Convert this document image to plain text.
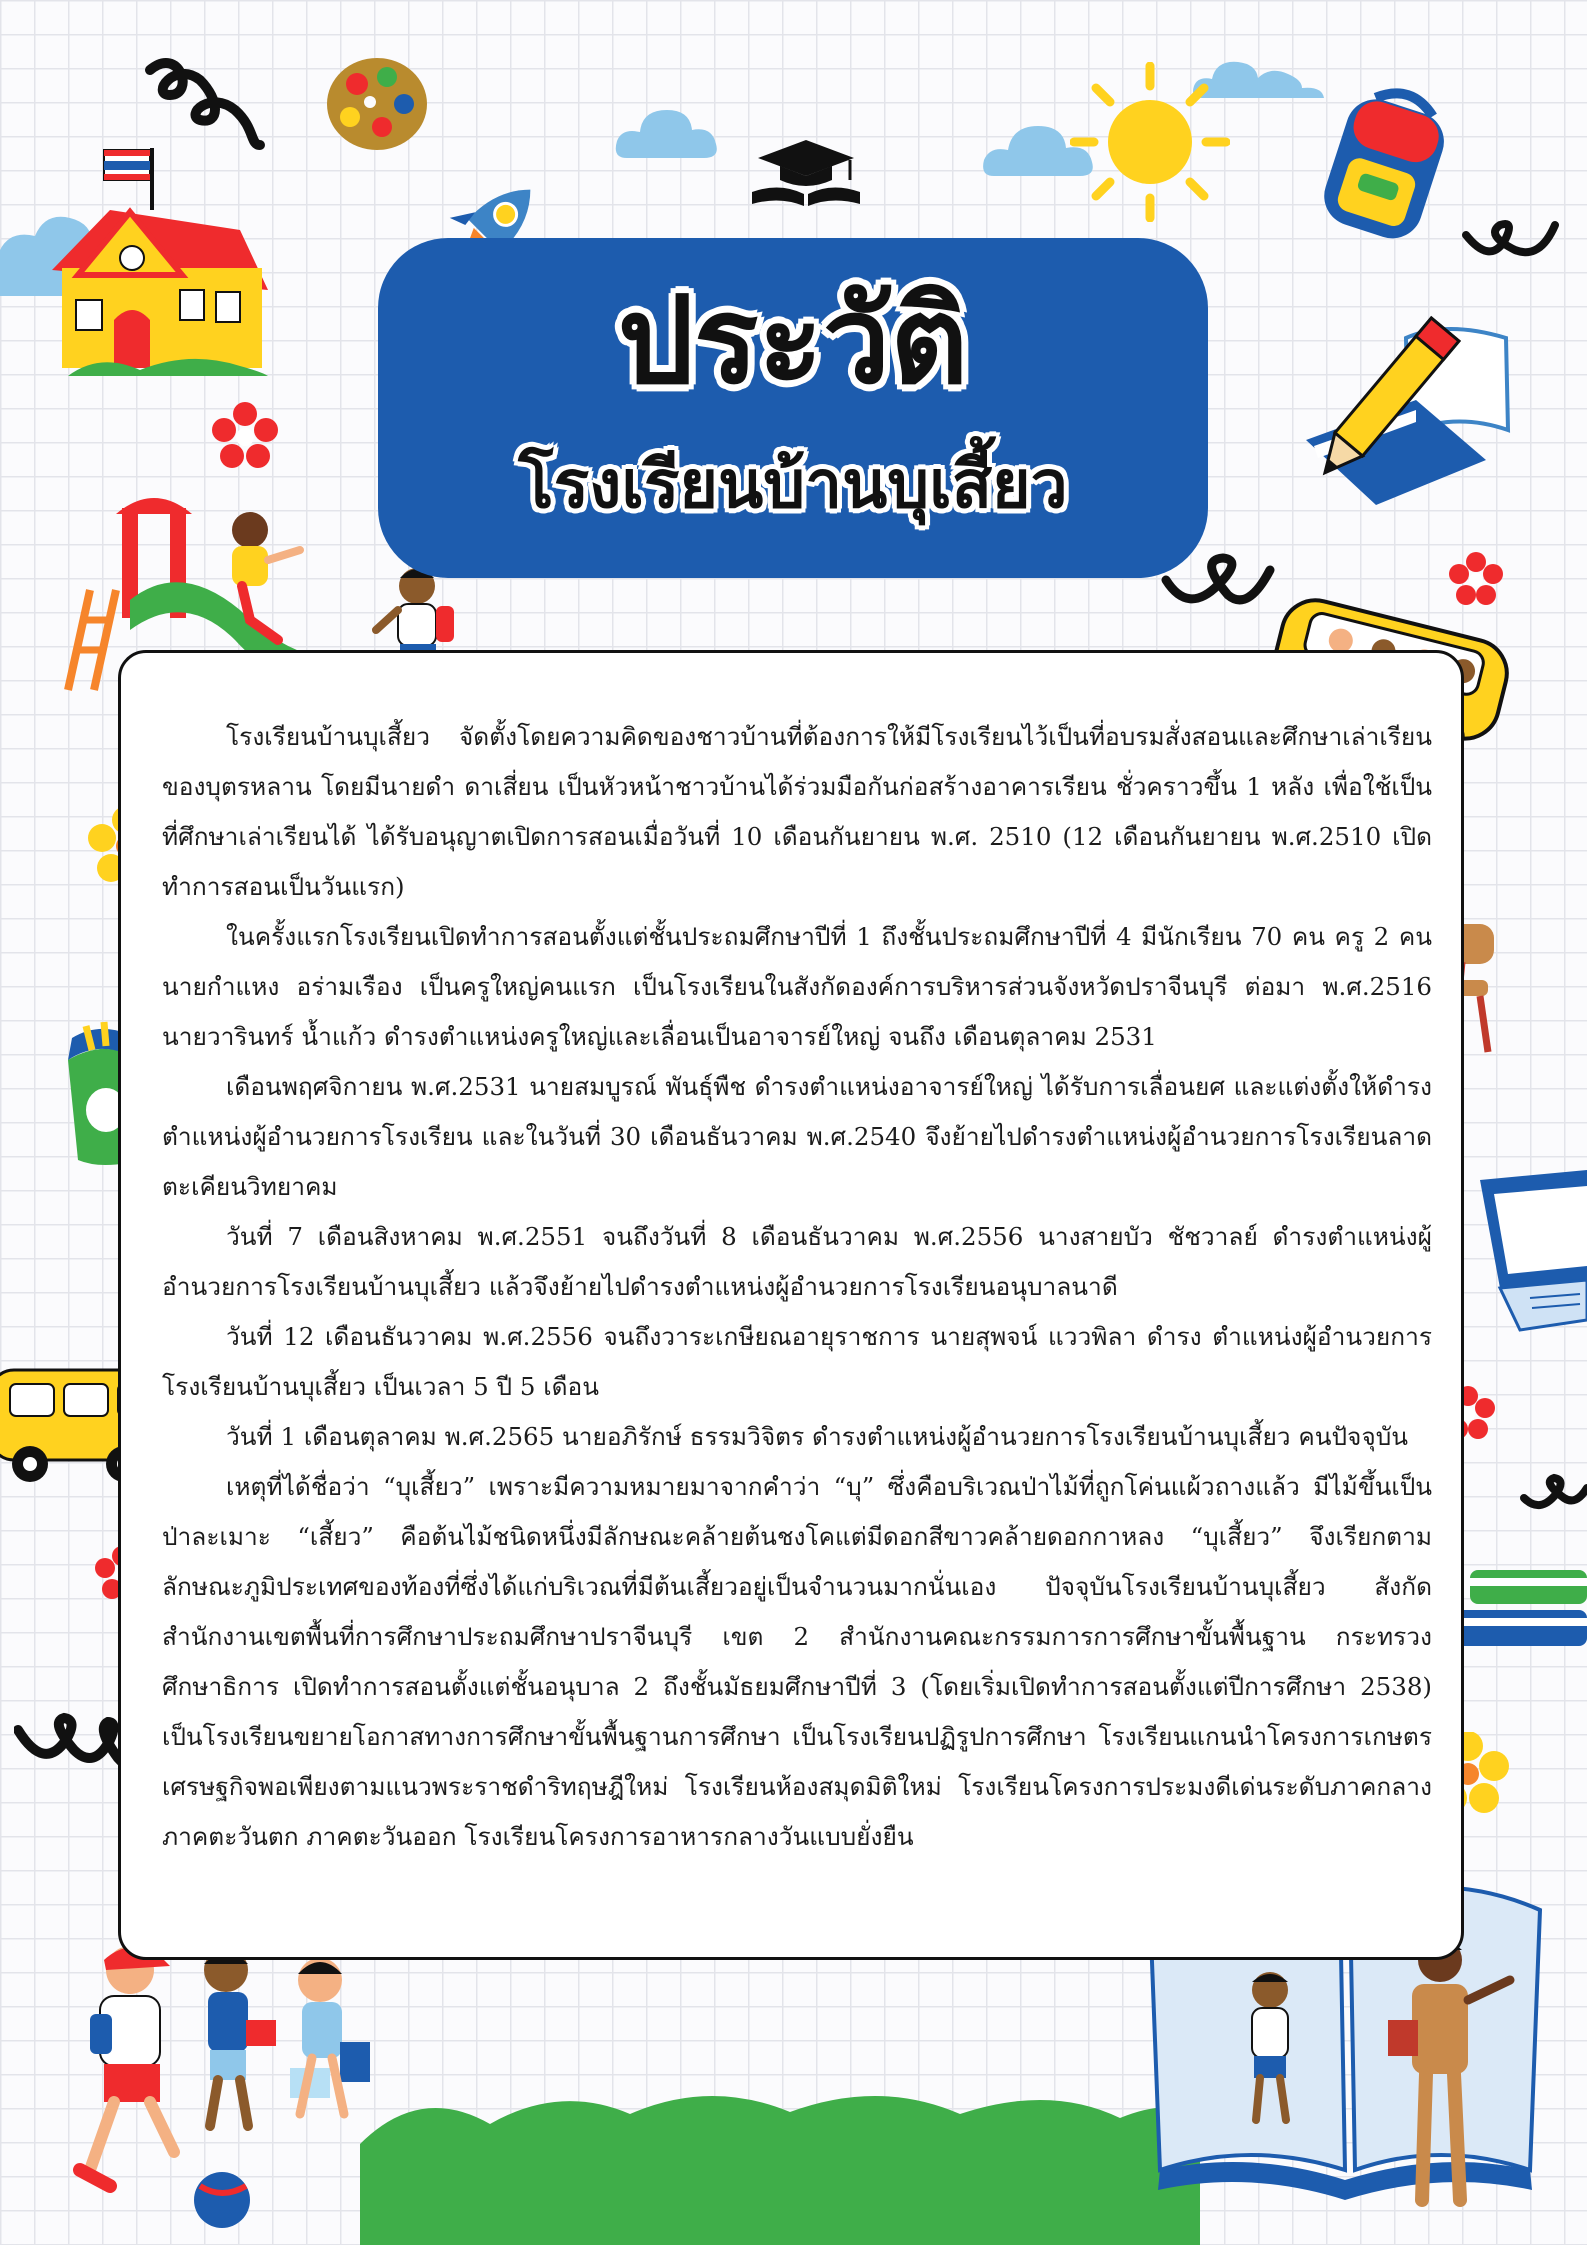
ประวัติ
โรงเรียนบ้านบุเสี้ยว

โรงเรียนบ้านบุเสี้ยว จัดตั้งโดยความคิดของชาวบ้านที่ต้องการให้มีโรงเรียนไว้เป็นที่อบรมสั่งสอนและศึกษาเล่าเรียนของบุตรหลาน โดยมีนายดำ ดาเสี่ยน เป็นหัวหน้าชาวบ้านได้ร่วมมือกันก่อสร้างอาคารเรียน ชั่วคราวขึ้น 1 หลัง เพื่อใช้เป็นที่ศึกษาเล่าเรียนได้ ได้รับอนุญาตเปิดการสอนเมื่อวันที่ 10 เดือนกันยายน พ.ศ. 2510 (12 เดือนกันยายน พ.ศ.2510 เปิดทำการสอนเป็นวันแรก)

ในครั้งแรกโรงเรียนเปิดทำการสอนตั้งแต่ชั้นประถมศึกษาปีที่ 1 ถึงชั้นประถมศึกษาปีที่ 4 มีนักเรียน 70 คน ครู 2 คน นายกำแหง อร่ามเรือง เป็นครูใหญ่คนแรก เป็นโรงเรียนในสังกัดองค์การบริหารส่วนจังหวัดปราจีนบุรี ต่อมา พ.ศ.2516 นายวารินทร์ น้ำแก้ว ดำรงตำแหน่งครูใหญ่และเลื่อนเป็นอาจารย์ใหญ่ จนถึง เดือนตุลาคม 2531

เดือนพฤศจิกายน พ.ศ.2531 นายสมบูรณ์ พันธุ์พืช ดำรงตำแหน่งอาจารย์ใหญ่ ได้รับการเลื่อนยศ และแต่งตั้งให้ดำรงตำแหน่งผู้อำนวยการโรงเรียน และในวันที่ 30 เดือนธันวาคม พ.ศ.2540 จึงย้ายไปดำรงตำแหน่งผู้อำนวยการโรงเรียนลาดตะเคียนวิทยาคม

วันที่ 7 เดือนสิงหาคม พ.ศ.2551 จนถึงวันที่ 8 เดือนธันวาคม พ.ศ.2556 นางสายบัว ชัชวาลย์ ดำรงตำแหน่งผู้อำนวยการโรงเรียนบ้านบุเสี้ยว แล้วจึงย้ายไปดำรงตำแหน่งผู้อำนวยการโรงเรียนอนุบาลนาดี

วันที่ 12 เดือนธันวาคม พ.ศ.2556 จนถึงวาระเกษียณอายุราชการ นายสุพจน์ แววพิลา ดำรง ตำแหน่งผู้อำนวยการโรงเรียนบ้านบุเสี้ยว เป็นเวลา 5 ปี 5 เดือน

วันที่ 1 เดือนตุลาคม พ.ศ.2565 นายอภิรักษ์ ธรรมวิจิตร ดำรงตำแหน่งผู้อำนวยการโรงเรียนบ้านบุเสี้ยว คนปัจจุบัน

เหตุที่ได้ชื่อว่า “บุเสี้ยว” เพราะมีความหมายมาจากคำว่า “บุ” ซึ่งคือบริเวณป่าไม้ที่ถูกโค่นแผ้วถางแล้ว มีไม้ขึ้นเป็นป่าละเมาะ “เสี้ยว” คือต้นไม้ชนิดหนึ่งมีลักษณะคล้ายต้นชงโคแต่มีดอกสีขาวคล้ายดอกกาหลง “บุเสี้ยว” จึงเรียกตามลักษณะภูมิประเทศของท้องที่ซึ่งได้แก่บริเวณที่มีต้นเสี้ยวอยู่เป็นจำนวนมากนั่นเอง ปัจจุบันโรงเรียนบ้านบุเสี้ยว สังกัดสำนักงานเขตพื้นที่การศึกษาประถมศึกษาปราจีนบุรี เขต 2 สำนักงานคณะกรรมการการศึกษาขั้นพื้นฐาน กระทรวงศึกษาธิการ เปิดทำการสอนตั้งแต่ชั้นอนุบาล 2 ถึงชั้นมัธยมศึกษาปีที่ 3 (โดยเริ่มเปิดทำการสอนตั้งแต่ปีการศึกษา 2538) เป็นโรงเรียนขยายโอกาสทางการศึกษาขั้นพื้นฐานการศึกษา เป็นโรงเรียนปฏิรูปการศึกษา โรงเรียนแกนนำโครงการเกษตรเศรษฐกิจพอเพียงตามแนวพระราชดำริทฤษฎีใหม่ โรงเรียนห้องสมุดมิติใหม่ โรงเรียนโครงการประมงดีเด่นระดับภาคกลาง ภาคตะวันตก ภาคตะวันออก โรงเรียนโครงการอาหารกลางวันแบบยั่งยืน
